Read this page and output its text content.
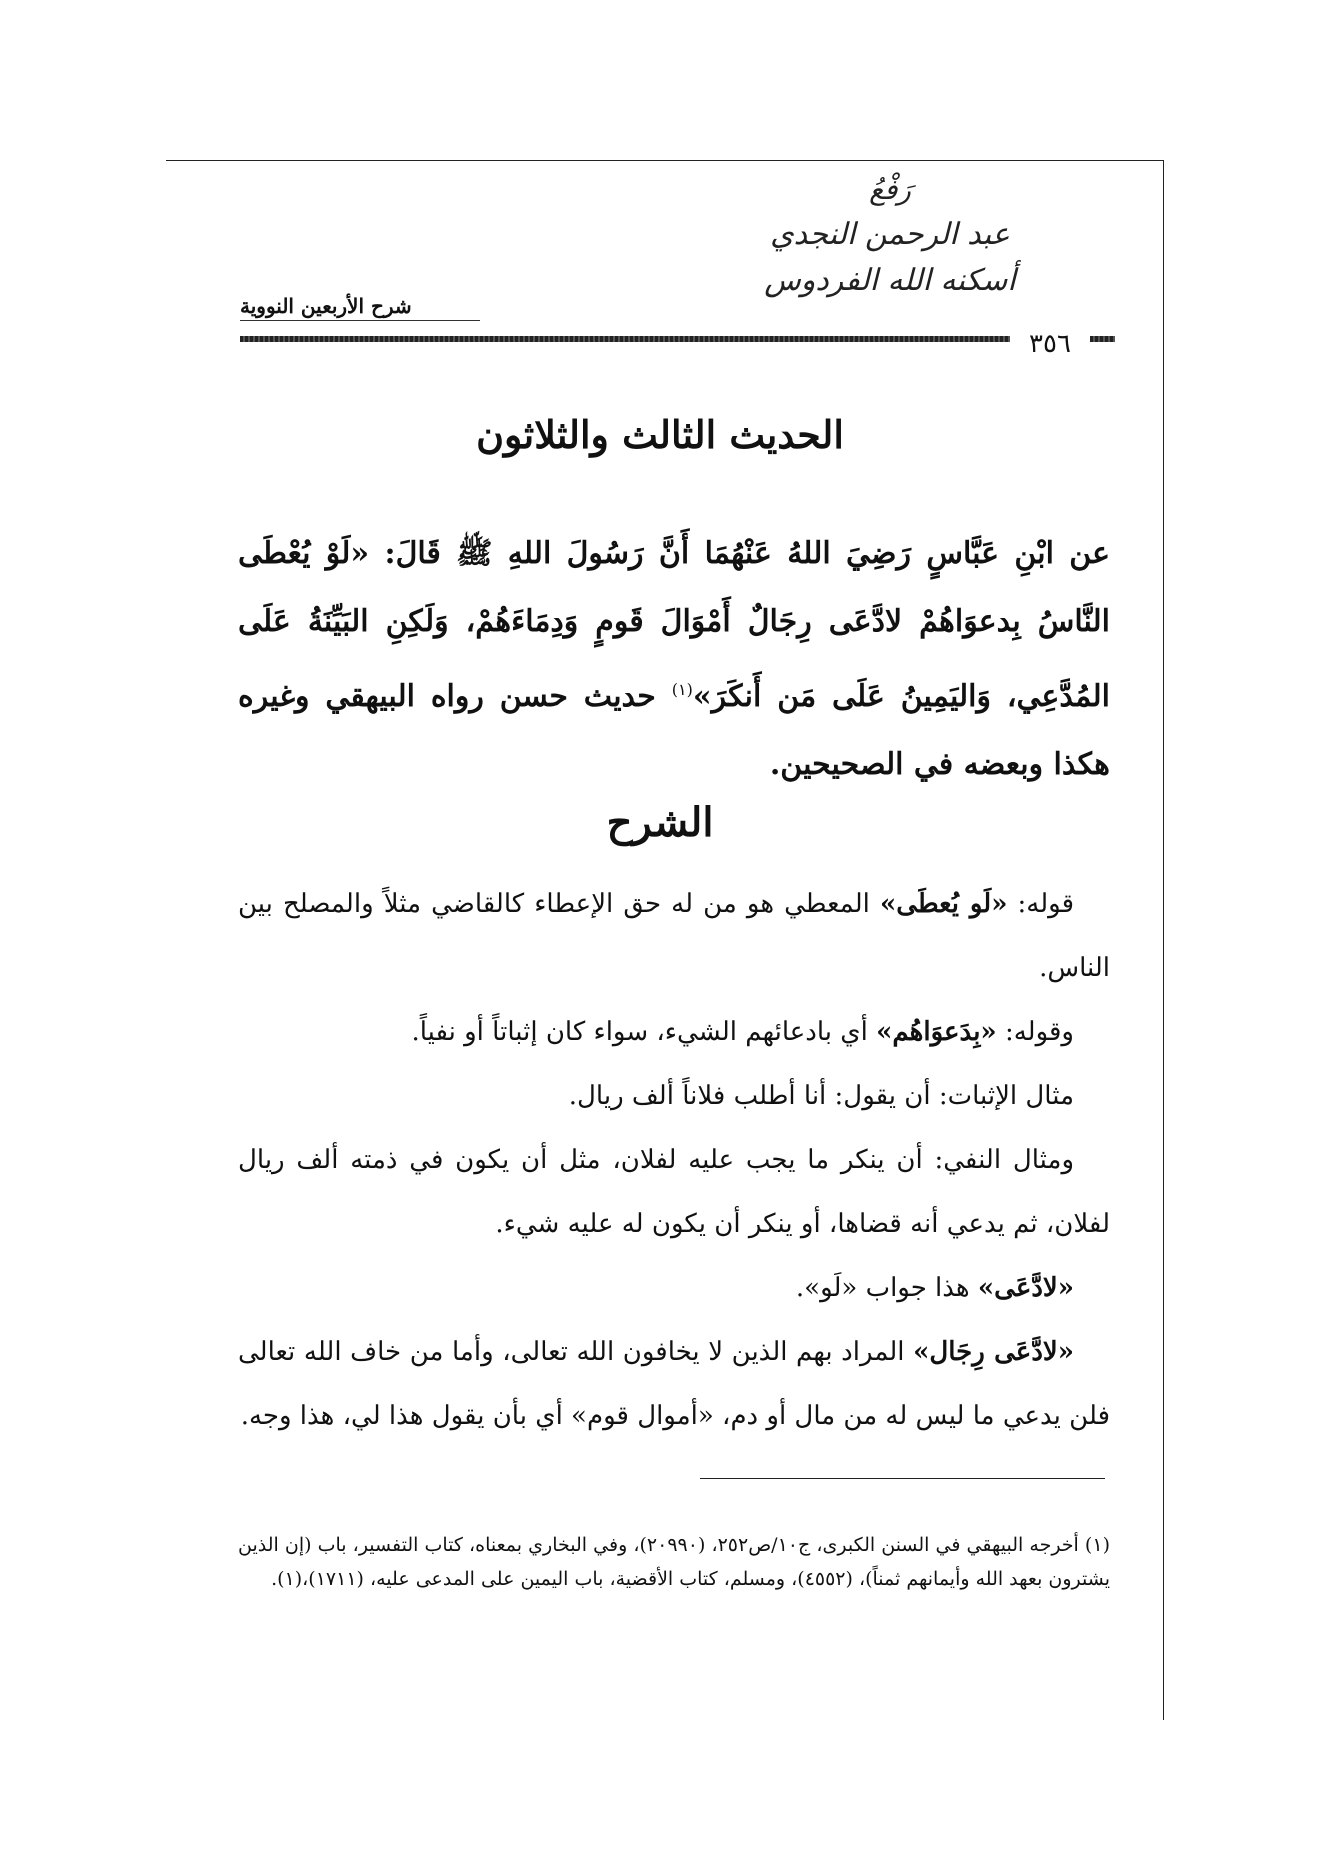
رَفْعُ
عبد الرحمن النجدي
أسكنه الله الفردوس
شرح الأربعين النووية
٣٥٦
الحديث الثالث والثلاثون
عن ابْنِ عَبَّاسٍ رَضِيَ اللهُ عَنْهُمَا أَنَّ رَسُولَ اللهِ ﷺ قَالَ: «لَوْ يُعْطَى النَّاسُ بِدعوَاهُمْ لادَّعَى رِجَالٌ أَمْوَالَ قَومٍ وَدِمَاءَهُمْ، وَلَكِنِ البَيِّنَةُ عَلَى المُدَّعِي، وَاليَمِينُ عَلَى مَن أَنكَرَ»$^{(١)}$ حديث حسن رواه البيهقي وغيره هكذا وبعضه في الصحيحين.
الشرح

قوله: «لَو يُعطَى» المعطي هو من له حق الإعطاء كالقاضي مثلاً والمصلح بين الناس.

وقوله: «بِدَعوَاهُم» أي بادعائهم الشيء، سواء كان إثباتاً أو نفياً.

مثال الإثبات: أن يقول: أنا أطلب فلاناً ألف ريال.

ومثال النفي: أن ينكر ما يجب عليه لفلان، مثل أن يكون في ذمته ألف ريال لفلان، ثم يدعي أنه قضاها، أو ينكر أن يكون له عليه شيء.

«لادَّعَى» هذا جواب «لَو».

«لادَّعَى رِجَال» المراد بهم الذين لا يخافون الله تعالى، وأما من خاف الله تعالى فلن يدعي ما ليس له من مال أو دم، «أموال قوم» أي بأن يقول هذا لي، هذا وجه.

(١) أخرجه البيهقي في السنن الكبرى، ج١٠/ص٢٥٢، (٢٠٩٩٠)، وفي البخاري بمعناه، كتاب التفسير، باب (إن الذين يشترون بعهد الله وأيمانهم ثمناً)، (٤٥٥٢)، ومسلم، كتاب الأقضية، باب اليمين على المدعى عليه، (١٧١١)،(١).
